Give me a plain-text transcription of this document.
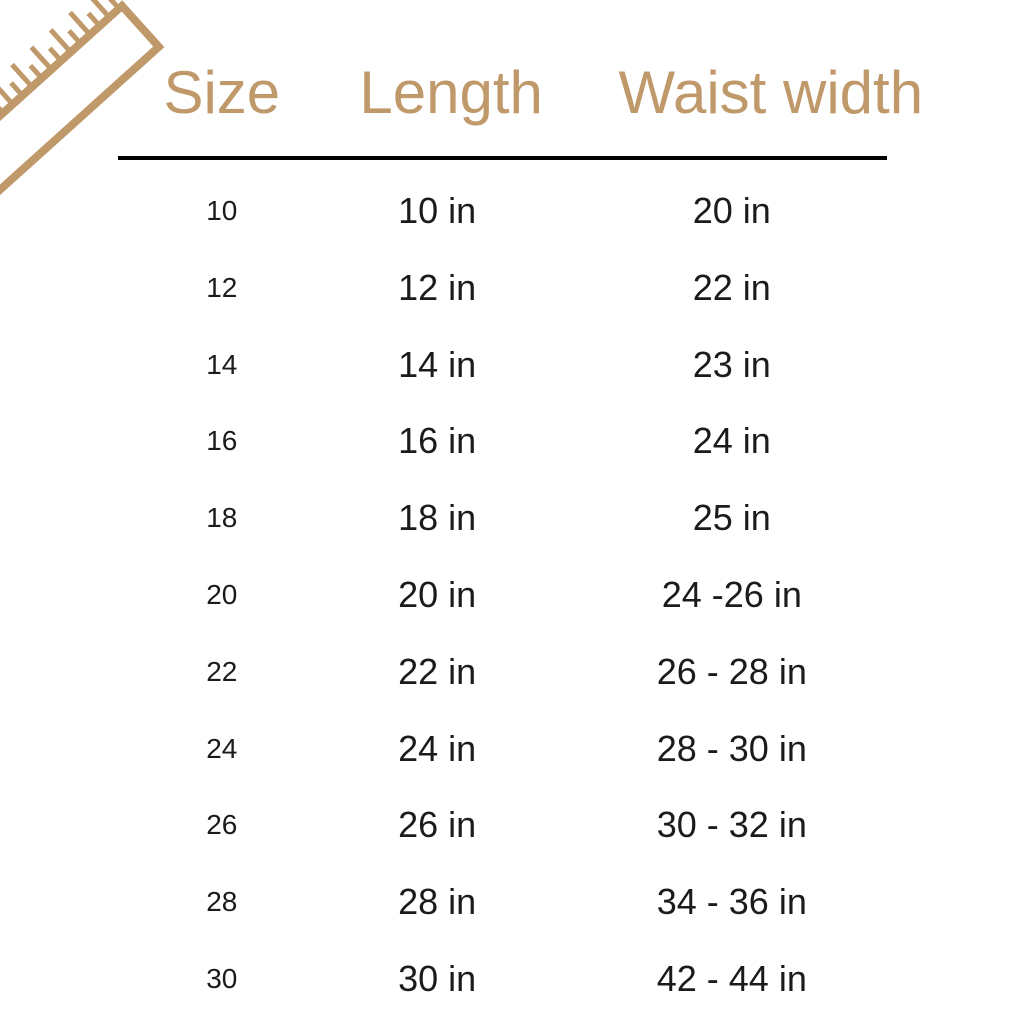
Size	Length	Waist width
10	10 in	20 in
12	12 in	22 in
14	14 in	23 in
16	16 in	24 in
18	18 in	25 in
20	20 in	24 -26 in
22	22 in	26 - 28 in
24	24 in	28 - 30 in
26	26 in	30 - 32 in
28	28 in	34 - 36 in
30	30 in	42 - 44 in
